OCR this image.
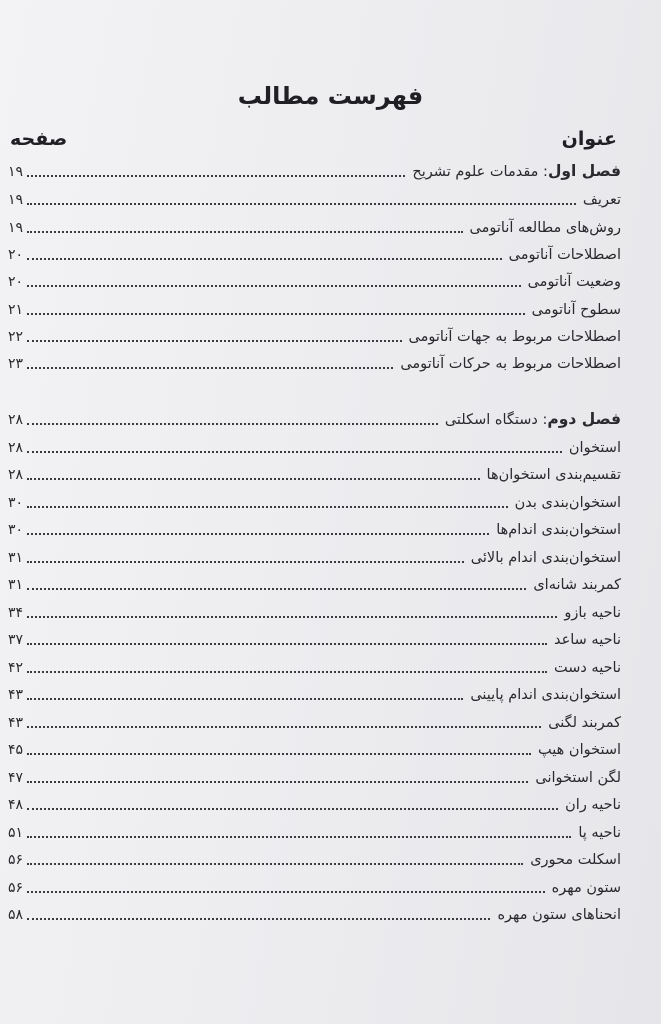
فهرست مطالب
عنوان
صفحه
فصل اول: مقدمات علوم تشریح
۱۹
تعریف
۱۹
روش‌های مطالعه آناتومی
۱۹
اصطلاحات آناتومی
۲۰
وضعیت آناتومی
۲۰
سطوح آناتومی
۲۱
اصطلاحات مربوط به جهات آناتومی
۲۲
اصطلاحات مربوط به حرکات آناتومی
۲۳
فصل دوم: دستگاه اسکلتی
۲۸
استخوان
۲۸
تقسیم‌بندی استخوان‌ها
۲۸
استخوان‌بندی بدن
۳۰
استخوان‌بندی اندام‌ها
۳۰
استخوان‌بندی اندام بالائی
۳۱
کمربند شانه‌ای
۳۱
ناحیه بازو
۳۴
ناحیه ساعد
۳۷
ناحیه دست
۴۲
استخوان‌بندی اندام پایینی
۴۳
کمربند لگنی
۴۳
استخوان هیپ
۴۵
لگن استخوانی
۴۷
ناحیه ران
۴۸
ناحیه پا
۵۱
اسکلت محوری
۵۶
ستون مهره
۵۶
انحناهای ستون مهره
۵۸
